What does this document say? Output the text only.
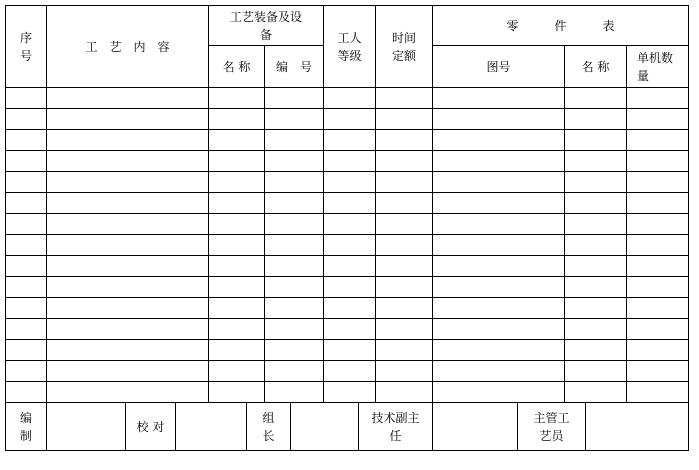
序
号
工　艺　内　容
工艺装备及设
备
名 称 编　号
工人
等级
时间
定额
零　　　件　　　表
图号	名 称
单机数
量
编
制
校 对
组
长
技术副主
任
主管工
艺员
